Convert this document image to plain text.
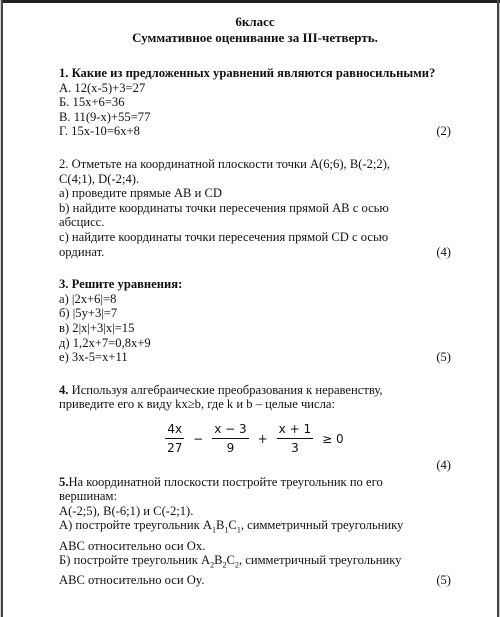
6класс

Суммативное оценивание за III-четверть.

1. Какие из предложенных уравнений являются равносильными?
А. 12(x-5)+3=27
Б. 15x+6=36
В. 11(9-x)+55=77
Г. 15x-10=6x+8	(2)
2. Отметьте на координатной плоскости точки A(6;6), B(-2;2),
C(4;1), D(-2;4).
а) проведите прямые AB и CD
b) найдите координаты точки пересечения прямой AB с осью
абсцисс.
c) найдите координаты точки пересечения прямой CD с осью
ординат.	(4)
3. Решите уравнения:
а) |2x+6|=8
б) |5y+3|=7
в) 2|x|+3|x|=15
д) 1,2x+7=0,8x+9
е) 3x-5=x+11	(5)
4. Используя алгебраические преобразования к неравенству,
приведите его к виду kx≥b, где k и b – целые числа:
$\frac{4x}{27} - \frac{x - 3}{9} + \frac{x + 1}{3} \ge 0$
(4)
5.На координатной плоскости постройте треугольник по его
вершинам:
A(-2;5), B(-6;1) и C(-2;1).
А) постройте треугольник $A_1B_1C_1$, симметричный треугольнику
ABC относительно оси Ox.
Б) постройте треугольник $A_2B_2C_2$, симметричный треугольнику
ABC относительно оси Oy.	(5)
